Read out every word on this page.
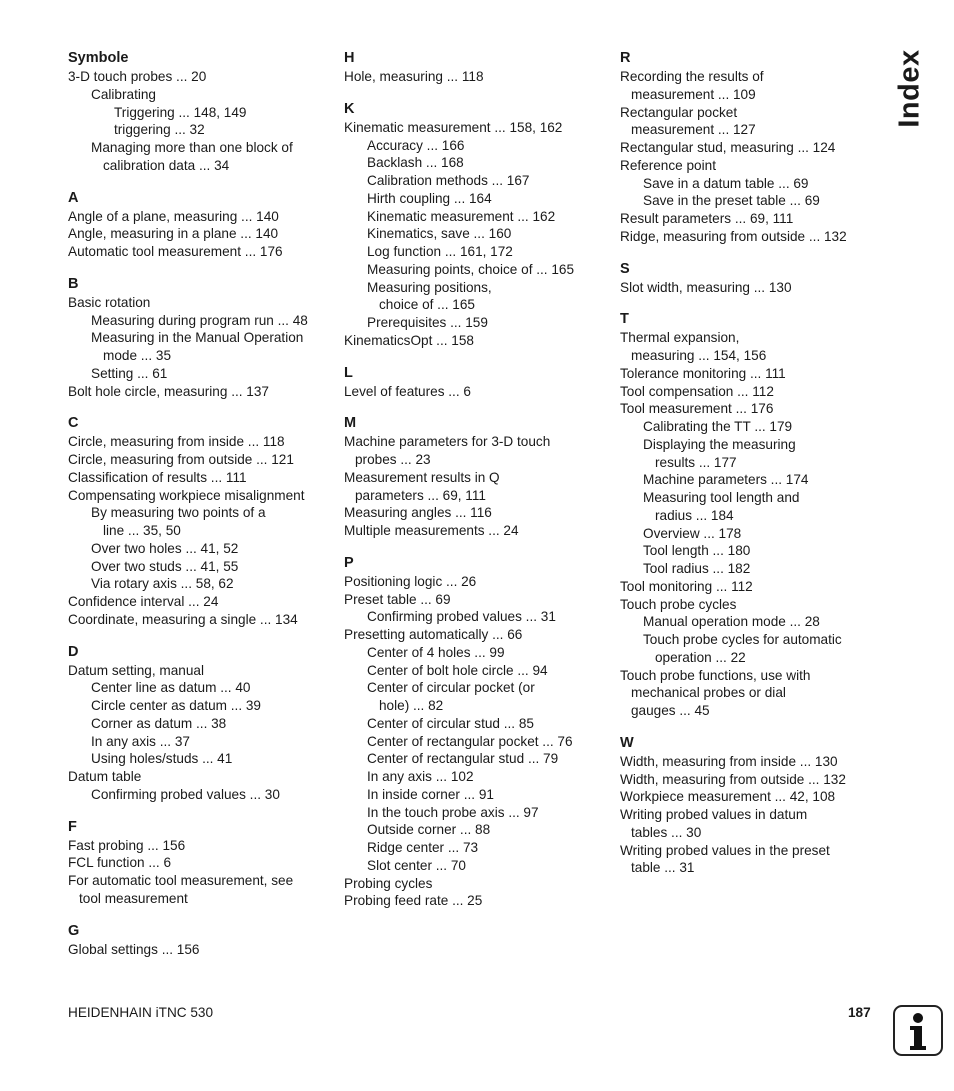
Symbole
3-D touch probes ... 20
Calibrating
Triggering ... 148, 149
triggering ... 32
Managing more than one block of
calibration data ... 34
A
Angle of a plane, measuring ... 140
Angle, measuring in a plane ... 140
Automatic tool measurement ... 176
B
Basic rotation
Measuring during program run ... 48
Measuring in the Manual Operation
mode ... 35
Setting ... 61
Bolt hole circle, measuring ... 137
C
Circle, measuring from inside ... 118
Circle, measuring from outside ... 121
Classification of results ... 111
Compensating workpiece misalignment
By measuring two points of a
line ... 35, 50
Over two holes ... 41, 52
Over two studs ... 41, 55
Via rotary axis ... 58, 62
Confidence interval ... 24
Coordinate, measuring a single ... 134
D
Datum setting, manual
Center line as datum ... 40
Circle center as datum ... 39
Corner as datum ... 38
In any axis ... 37
Using holes/studs ... 41
Datum table
Confirming probed values ... 30
F
Fast probing ... 156
FCL function ... 6
For automatic tool measurement, see
tool measurement
G
Global settings ... 156
H
Hole, measuring ... 118
K
Kinematic measurement ... 158, 162
Accuracy ... 166
Backlash ... 168
Calibration methods ... 167
Hirth coupling ... 164
Kinematic measurement ... 162
Kinematics, save ... 160
Log function ... 161, 172
Measuring points, choice of ... 165
Measuring positions,
choice of ... 165
Prerequisites ... 159
KinematicsOpt ... 158
L
Level of features ... 6
M
Machine parameters for 3-D touch
probes ... 23
Measurement results in Q
parameters ... 69, 111
Measuring angles ... 116
Multiple measurements ... 24
P
Positioning logic ... 26
Preset table ... 69
Confirming probed values ... 31
Presetting automatically ... 66
Center of 4 holes ... 99
Center of bolt hole circle ... 94
Center of circular pocket (or
hole) ... 82
Center of circular stud ... 85
Center of rectangular pocket ... 76
Center of rectangular stud ... 79
In any axis ... 102
In inside corner ... 91
In the touch probe axis ... 97
Outside corner ... 88
Ridge center ... 73
Slot center ... 70
Probing cycles
Probing feed rate ... 25
R
Recording the results of
measurement ... 109
Rectangular pocket
measurement ... 127
Rectangular stud, measuring ... 124
Reference point
Save in a datum table ... 69
Save in the preset table ... 69
Result parameters ... 69, 111
Ridge, measuring from outside ... 132
S
Slot width, measuring ... 130
T
Thermal expansion,
measuring ... 154, 156
Tolerance monitoring ... 111
Tool compensation ... 112
Tool measurement ... 176
Calibrating the TT ... 179
Displaying the measuring
results ... 177
Machine parameters ... 174
Measuring tool length and
radius ... 184
Overview ... 178
Tool length ... 180
Tool radius ... 182
Tool monitoring ... 112
Touch probe cycles
Manual operation mode ... 28
Touch probe cycles for automatic
operation ... 22
Touch probe functions, use with
mechanical probes or dial
gauges ... 45
W
Width, measuring from inside ... 130
Width, measuring from outside ... 132
Workpiece measurement ... 42, 108
Writing probed values in datum
tables ... 30
Writing probed values in the preset
table ... 31
Index
HEIDENHAIN iTNC 530	187
